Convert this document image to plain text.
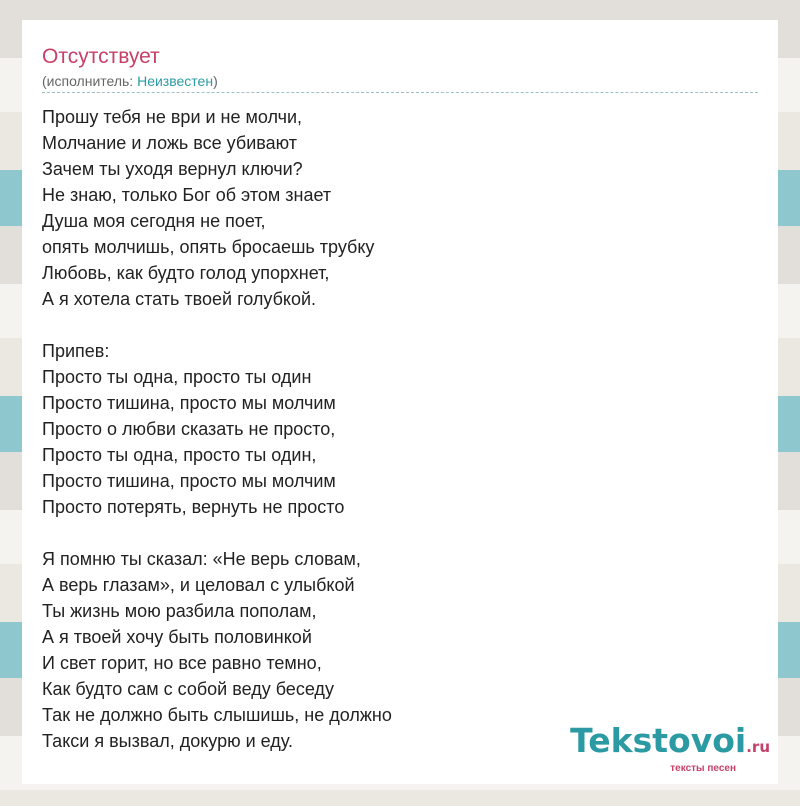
Отсутствует
(исполнитель: Неизвестен)
Прошу тебя не ври и не молчи,
Молчание и ложь все убивают
Зачем ты уходя вернул ключи?
Не знаю, только Бог об этом знает
Душа моя сегодня не поет,
опять молчишь, опять бросаешь трубку
Любовь, как будто голод упорхнет,
А я хотела стать твоей голубкой.
Припев:
Просто ты одна, просто ты один
Просто тишина, просто мы молчим
Просто о любви сказать не просто,
Просто ты одна, просто ты один,
Просто тишина, просто мы молчим
Просто потерять, вернуть не просто
Я помню ты сказал: «Не верь словам,
А верь глазам», и целовал с улыбкой
Ты жизнь мою разбила пополам,
А я твоей хочу быть половинкой
И свет горит, но все равно темно,
Как будто сам с собой веду беседу
Так не должно быть слышишь, не должно
Такси я вызвал, докурю и еду.	Tekstovoi.ru
тексты песен
